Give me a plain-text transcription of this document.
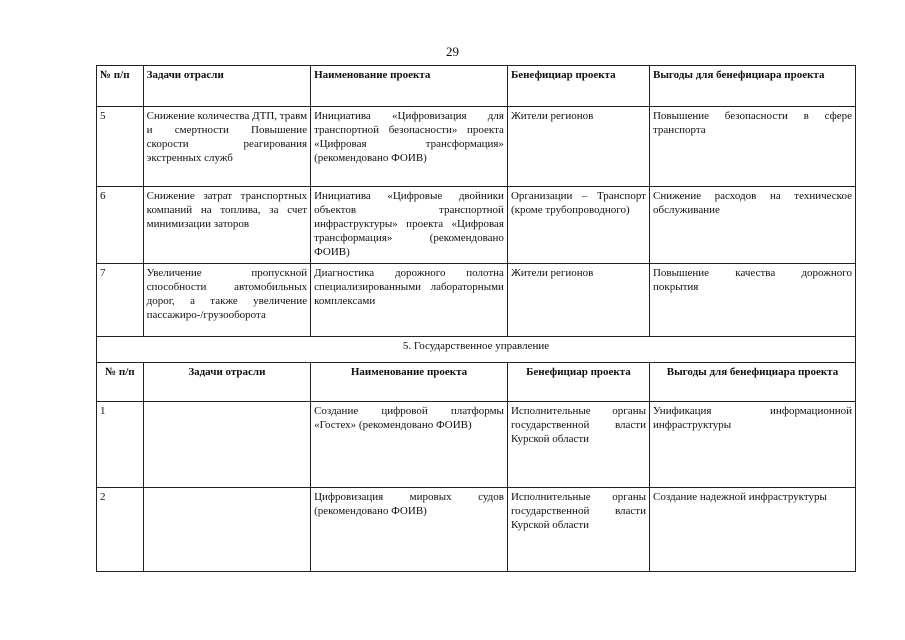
29
№ п/п	Задачи отрасли	Наименование проекта	Бенефициар проекта	Выгоды для бенефициара проекта
5	Снижение количества ДТП, травм и смертности Повышение скорости реагирования экстренных служб	Инициатива «Цифровизация для транспортной безопасности» проекта «Цифровая трансформация» (рекомендовано ФОИВ)	Жители регионов	Повышение безопасности в сфере транспорта
6	Снижение затрат транспортных компаний на топлива, за счет минимизации заторов	Инициатива «Цифровые двойники объектов транспортной инфраструктуры» проекта «Цифровая трансформация» (рекомендовано ФОИВ)	Организации – Транспорт (кроме трубопроводного)	Снижение расходов на техническое обслуживание
7	Увеличение пропускной способности автомобильных дорог, а также увеличение пассажиро-/грузооборота	Диагностика дорожного полотна специализированными лабораторными комплексами	Жители регионов	Повышение качества дорожного покрытия
5. Государственное управление				
№ п/п	Задачи отрасли	Наименование проекта	Бенефициар проекта	Выгоды для бенефициара проекта
1		Создание цифровой платформы «Гостех» (рекомендовано ФОИВ)	Исполнительные органы государственной власти Курской области	Унификация информационной инфраструктуры
2		Цифровизация мировых судов (рекомендовано ФОИВ)	Исполнительные органы государственной власти Курской области	Создание надежной инфраструктуры
